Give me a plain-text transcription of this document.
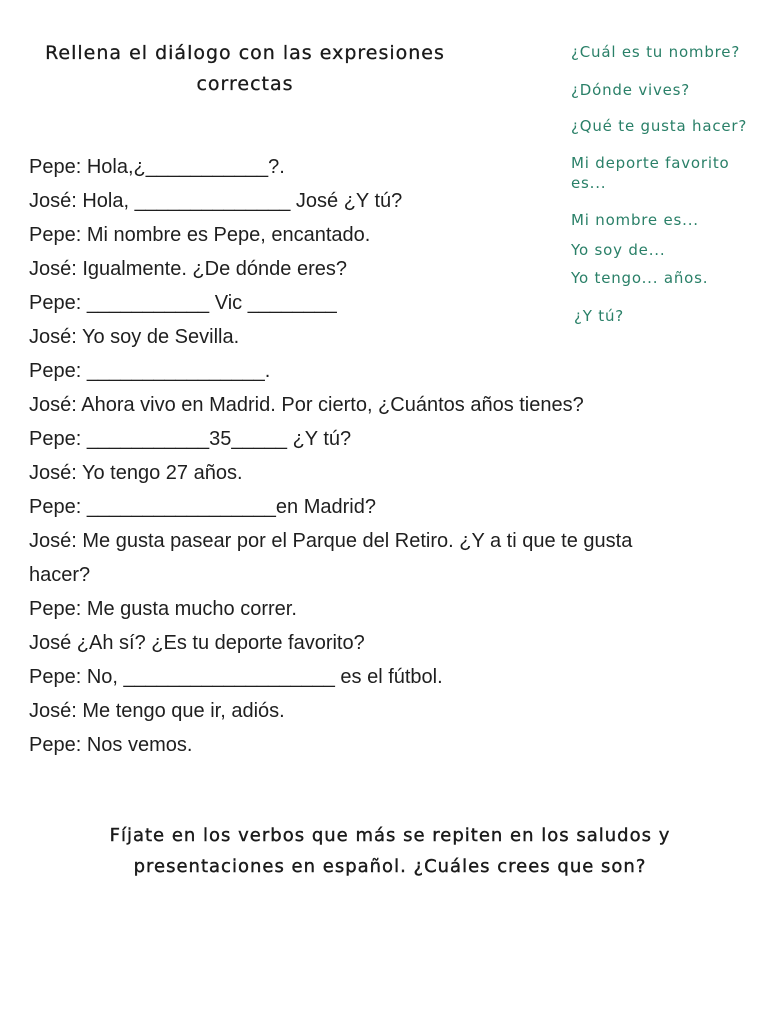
Rellena el diálogo con las expresiones correctas
¿Cuál es tu nombre?
¿Dónde vives?
¿Qué te gusta hacer?
Mi deporte favorito es...
Mi nombre es...
Yo soy de...
Yo tengo... años.
¿Y tú?
Pepe: Hola,¿___________?.
José: Hola, ______________ José ¿Y tú?
Pepe: Mi nombre es Pepe, encantado.
José: Igualmente. ¿De dónde eres?
Pepe: ___________ Vic ________
José: Yo soy de Sevilla.
Pepe: ________________.
José: Ahora vivo en Madrid. Por cierto, ¿Cuántos años tienes?
Pepe: ___________35_____ ¿Y tú?
José: Yo tengo 27 años.
Pepe: _________________en Madrid?
José: Me gusta pasear por el Parque del Retiro. ¿Y a ti que te gusta hacer?
Pepe: Me gusta mucho correr.
José ¿Ah sí? ¿Es tu deporte favorito?
Pepe: No, ___________________ es el fútbol.
José: Me tengo que ir, adiós.
Pepe: Nos vemos.
Fíjate en los verbos que más se repiten en los saludos y presentaciones en español. ¿Cuáles crees que son?
